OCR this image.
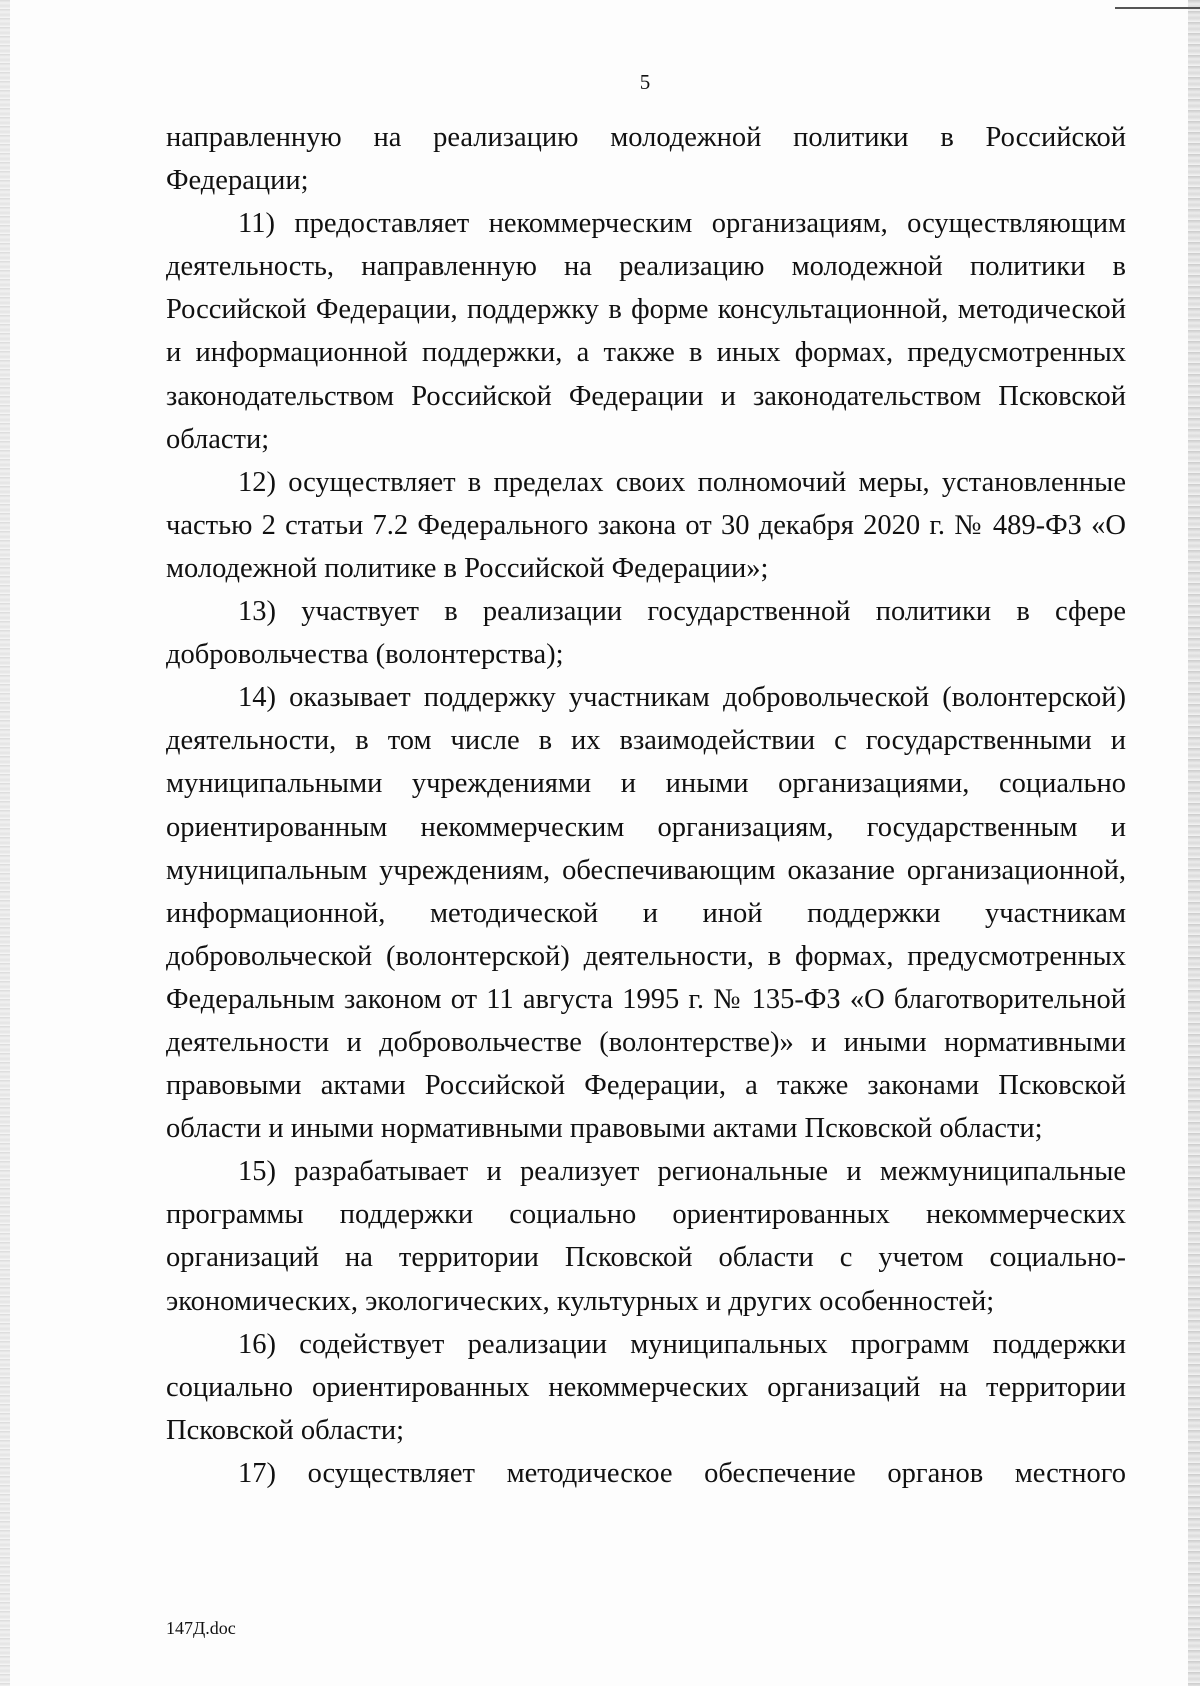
5

направленную на реализацию молодежной политики в Российской Федерации;

11) предоставляет некоммерческим организациям, осуществляющим деятельность, направленную на реализацию молодежной политики в Российской Федерации, поддержку в форме консультационной, методической и информационной поддержки, а также в иных формах, предусмотренных законодательством Российской Федерации и законодательством Псковской области;

12) осуществляет в пределах своих полномочий меры, установленные частью 2 статьи 7.2 Федерального закона от 30 декабря 2020 г. № 489-ФЗ «О молодежной политике в Российской Федерации»;

13) участвует в реализации государственной политики в сфере добровольчества (волонтерства);

14) оказывает поддержку участникам добровольческой (волонтерской) деятельности, в том числе в их взаимодействии с государственными и муниципальными учреждениями и иными организациями, социально ориентированным некоммерческим организациям, государственным и муниципальным учреждениям, обеспечивающим оказание организационной, информационной, методической и иной поддержки участникам добровольческой (волонтерской) деятельности, в формах, предусмотренных Федеральным законом от 11 августа 1995 г. № 135-ФЗ «О благотворительной деятельности и добровольчестве (волонтерстве)» и иными нормативными правовыми актами Российской Федерации, а также законами Псковской области и иными нормативными правовыми актами Псковской области;

15) разрабатывает и реализует региональные и межмуниципальные программы поддержки социально ориентированных некоммерческих организаций на территории Псковской области с учетом социально-экономических, экологических, культурных и других особенностей;

16) содействует реализации муниципальных программ поддержки социально ориентированных некоммерческих организаций на территории Псковской области;

17) осуществляет методическое обеспечение органов местного

147Д.doc
